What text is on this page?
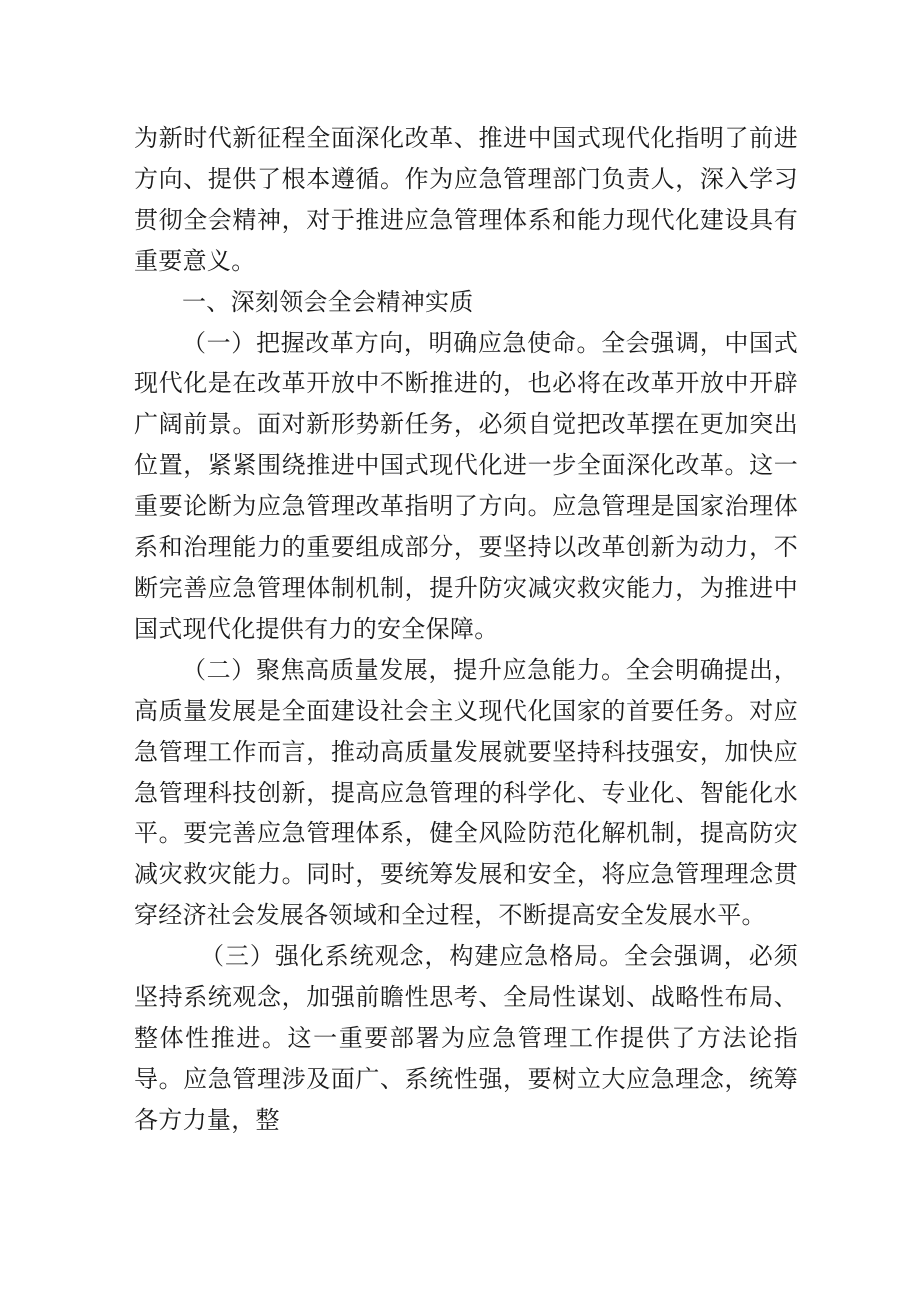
为新时代新征程全面深化改革、推进中国式现代化指明了前进方向、提供了根本遵循。作为应急管理部门负责人，深入学习贯彻全会精神，对于推进应急管理体系和能力现代化建设具有重要意义。

一、深刻领会全会精神实质

（一）把握改革方向，明确应急使命。全会强调，中国式现代化是在改革开放中不断推进的，也必将在改革开放中开辟广阔前景。面对新形势新任务，必须自觉把改革摆在更加突出位置，紧紧围绕推进中国式现代化进一步全面深化改革。这一重要论断为应急管理改革指明了方向。应急管理是国家治理体系和治理能力的重要组成部分，要坚持以改革创新为动力，不断完善应急管理体制机制，提升防灾减灾救灾能力，为推进中国式现代化提供有力的安全保障。

（二）聚焦高质量发展，提升应急能力。全会明确提出，高质量发展是全面建设社会主义现代化国家的首要任务。对应急管理工作而言，推动高质量发展就要坚持科技强安，加快应急管理科技创新，提高应急管理的科学化、专业化、智能化水平。要完善应急管理体系，健全风险防范化解机制，提高防灾减灾救灾能力。同时，要统筹发展和安全，将应急管理理念贯穿经济社会发展各领域和全过程，不断提高安全发展水平。

（三）强化系统观念，构建应急格局。全会强调，必须坚持系统观念，加强前瞻性思考、全局性谋划、战略性布局、整体性推进。这一重要部署为应急管理工作提供了方法论指导。应急管理涉及面广、系统性强，要树立大应急理念，统筹各方力量，整
